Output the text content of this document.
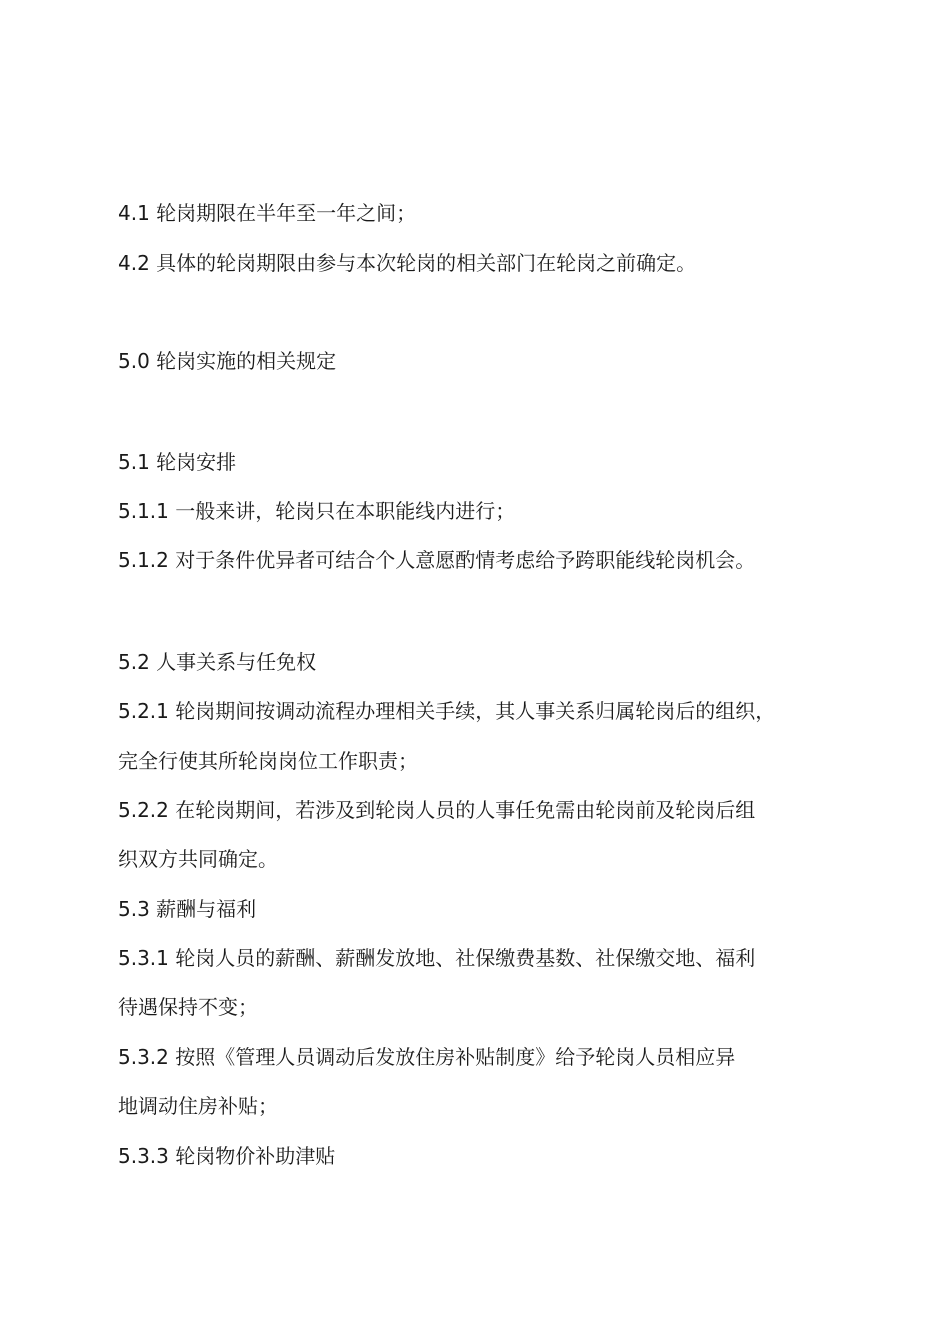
4.1 轮岗期限在半年至一年之间；
4.2 具体的轮岗期限由参与本次轮岗的相关部门在轮岗之前确定。
5.0 轮岗实施的相关规定
5.1 轮岗安排
5.1.1 一般来讲，轮岗只在本职能线内进行；
5.1.2 对于条件优异者可结合个人意愿酌情考虑给予跨职能线轮岗机会。
5.2 人事关系与任免权
5.2.1 轮岗期间按调动流程办理相关手续，其人事关系归属轮岗后的组织，
完全行使其所轮岗岗位工作职责；
5.2.2 在轮岗期间，若涉及到轮岗人员的人事任免需由轮岗前及轮岗后组
织双方共同确定。
5.3 薪酬与福利
5.3.1 轮岗人员的薪酬、薪酬发放地、社保缴费基数、社保缴交地、福利
待遇保持不变；
5.3.2 按照《管理人员调动后发放住房补贴制度》给予轮岗人员相应异
地调动住房补贴；
5.3.3 轮岗物价补助津贴
